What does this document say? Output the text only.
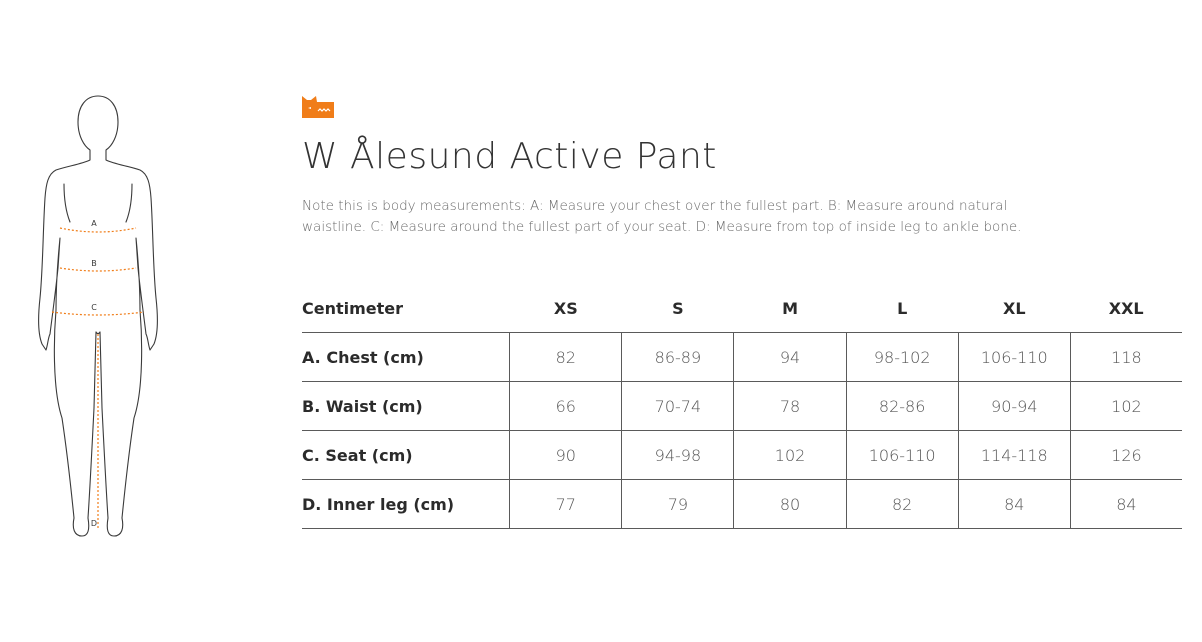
A
B
C
D
W Ålesund Active Pant

Note this is body measurements: A: Measure your chest over the fullest part. B: Measure around natural waistline. C: Measure around the fullest part of your seat. D: Measure from top of inside leg to ankle bone.

Centimeter	XS	S	M	L	XL	XXL
A. Chest (cm)	82	86-89	94	98-102	106-110	118
B. Waist (cm)	66	70-74	78	82-86	90-94	102
C. Seat (cm)	90	94-98	102	106-110	114-118	126
D. Inner leg (cm)	77	79	80	82	84	84
